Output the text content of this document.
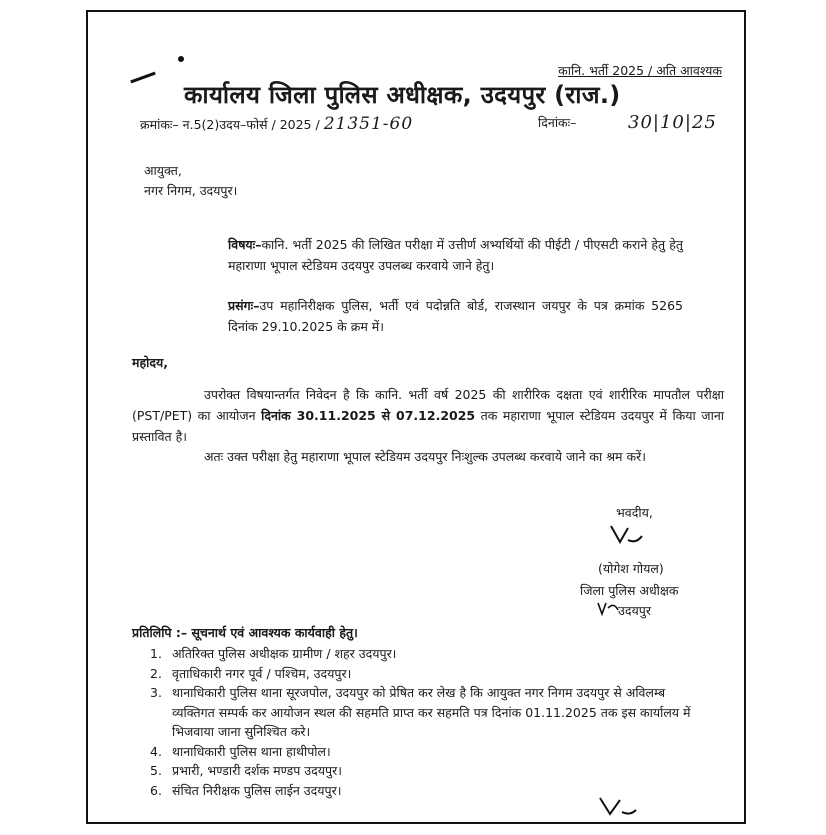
कानि. भर्ती 2025 / अति आवश्यक
कार्यालय जिला पुलिस अधीक्षक, उदयपुर (राज.)
क्रमांकः– न.5(2)उदय–फोर्स / 2025 / 21351-60	दिनांकः–	30|10|25
आयुक्त,
नगर निगम, उदयपुर।
विषयः–कानि. भर्ती 2025 की लिखित परीक्षा में उत्तीर्ण अभ्यर्थियों की पीईटी / पीएसटी कराने हेतु हेतु महाराणा भूपाल स्टेडियम उदयपुर उपलब्ध करवाये जाने हेतु।
प्रसंगः–उप महानिरीक्षक पुलिस, भर्ती एवं पदोन्नति बोर्ड, राजस्थान जयपुर के पत्र क्रमांक 5265 दिनांक 29.10.2025 के क्रम में।
महोदय,
उपरोक्त विषयान्तर्गत निवेदन है कि कानि. भर्ती वर्ष 2025 की शारीरिक दक्षता एवं शारीरिक मापतौल परीक्षा (PST/PET) का आयोजन दिनांक 30.11.2025 से 07.12.2025 तक महाराणा भूपाल स्टेडियम उदयपुर में किया जाना प्रस्तावित है।
अतः उक्त परीक्षा हेतु महाराणा भूपाल स्टेडियम उदयपुर निःशुल्क उपलब्ध करवाये जाने का श्रम करें।
भवदीय,
(योगेश गोयल)
जिला पुलिस अधीक्षक
उदयपुर
प्रतिलिपि :– सूचनार्थ एवं आवश्यक कार्यवाही हेतु।
1. अतिरिक्त पुलिस अधीक्षक ग्रामीण / शहर उदयपुर।
2. वृताधिकारी नगर पूर्व / पश्चिम, उदयपुर।
3. थानाधिकारी पुलिस थाना सूरजपोल, उदयपुर को प्रेषित कर लेख है कि आयुक्त नगर निगम उदयपुर से अविलम्ब व्यक्तिगत सम्पर्क कर आयोजन स्थल की सहमति प्राप्त कर सहमति पत्र दिनांक 01.11.2025 तक इस कार्यालय में भिजवाया जाना सुनिश्चित करे।
4. थानाधिकारी पुलिस थाना हाथीपोल।
5. प्रभारी, भण्डारी दर्शक मण्डप उदयपुर।
6. संचित निरीक्षक पुलिस लाईन उदयपुर।
